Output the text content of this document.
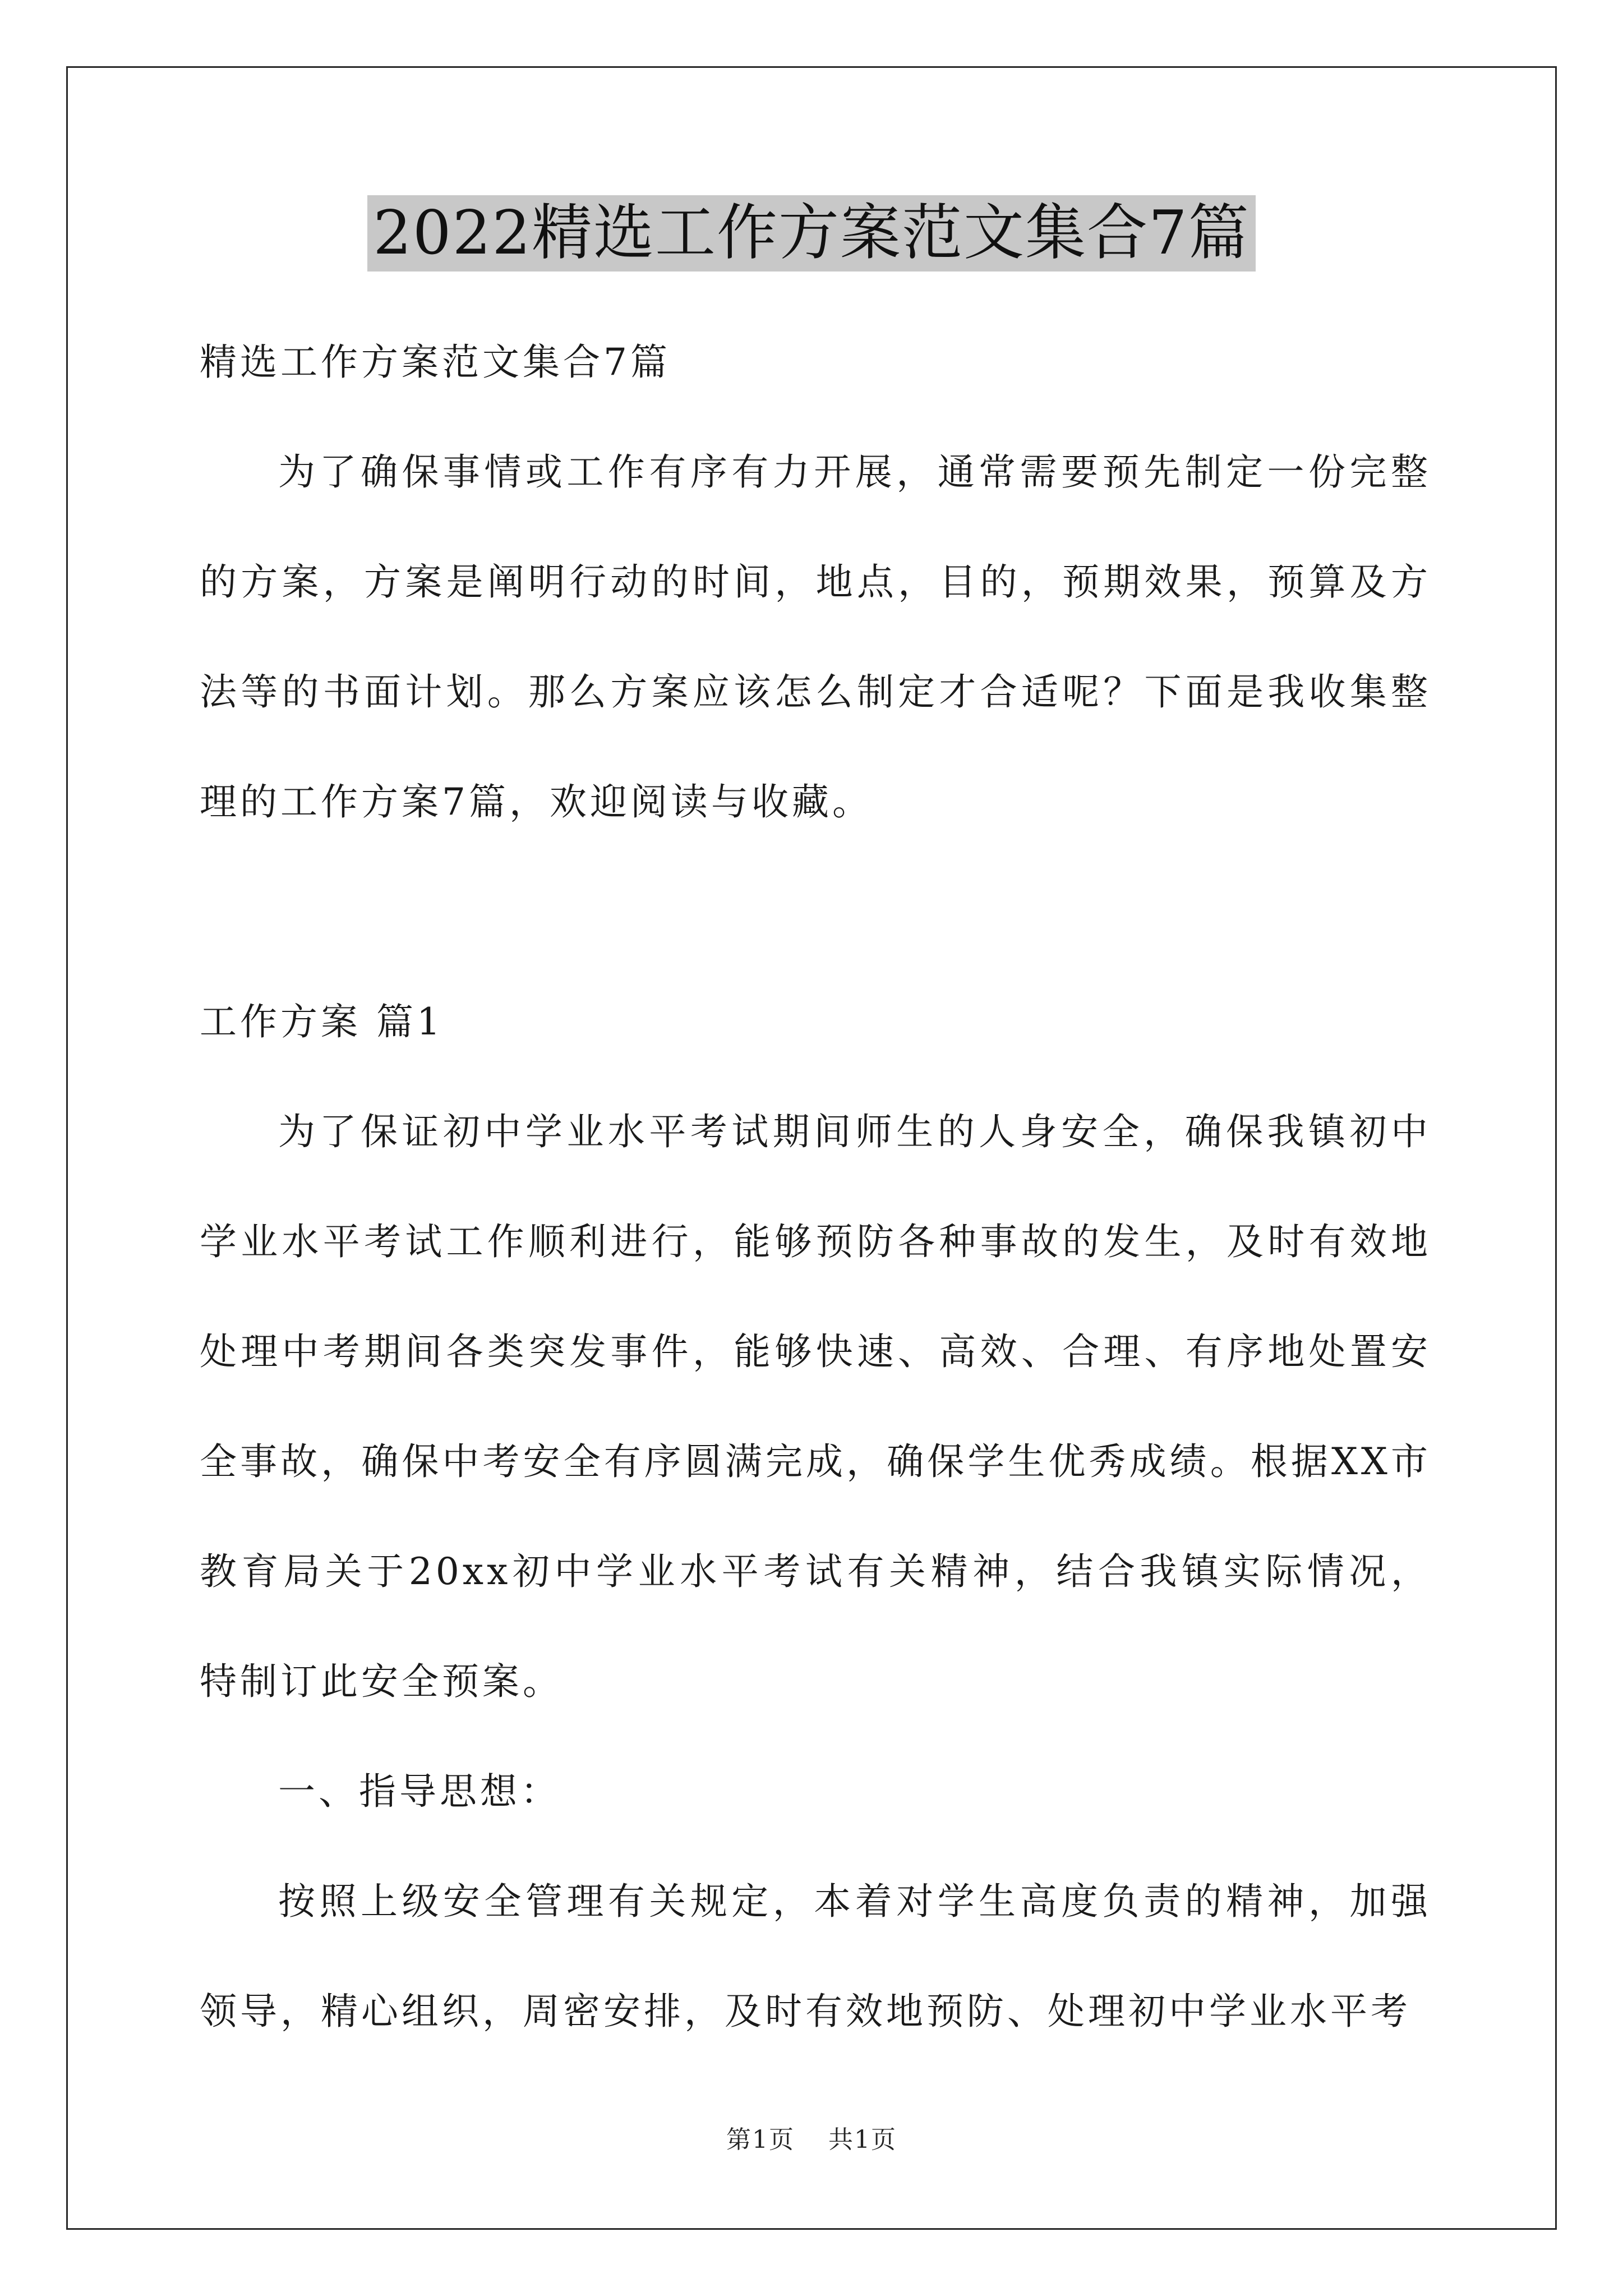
2022精选工作方案范文集合7篇

精选工作方案范文集合7篇

为了确保事情或工作有序有力开展，通常需要预先制定一份完整的方案，方案是阐明行动的时间，地点，目的，预期效果，预算及方法等的书面计划。那么方案应该怎么制定才合适呢？下面是我收集整理的工作方案7篇，欢迎阅读与收藏。

工作方案 篇1

为了保证初中学业水平考试期间师生的人身安全，确保我镇初中学业水平考试工作顺利进行，能够预防各种事故的发生，及时有效地处理中考期间各类突发事件，能够快速、高效、合理、有序地处置安全事故，确保中考安全有序圆满完成，确保学生优秀成绩。根据XX市教育局关于20xx初中学业水平考试有关精神，结合我镇实际情况，特制订此安全预案。

一、指导思想：

按照上级安全管理有关规定，本着对学生高度负责的精神，加强领导，精心组织，周密安排，及时有效地预防、处理初中学业水平考

第1页 共1页
